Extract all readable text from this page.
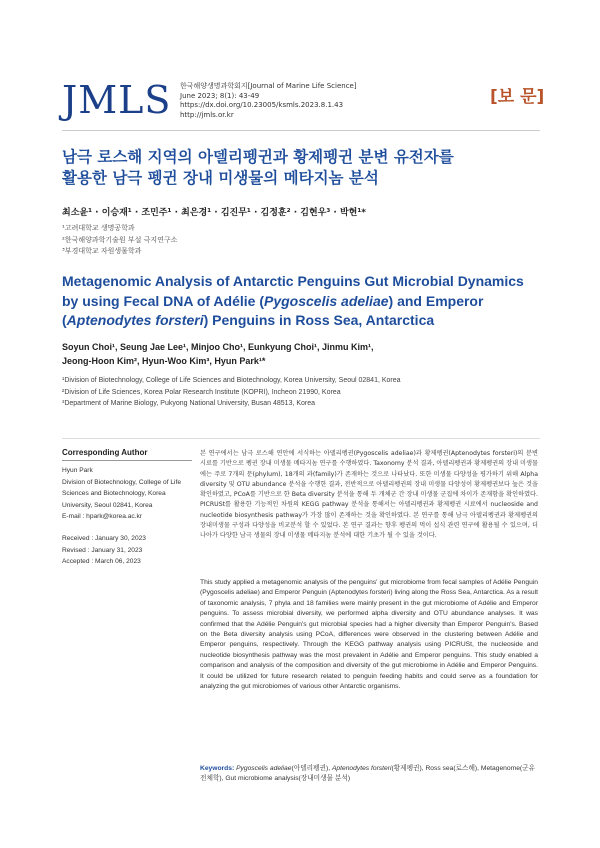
JMLS 한국해양생명과학회지[Journal of Marine Life Science]
June 2023; 8(1): 43-49
https://dx.doi.org/10.23005/ksmls.2023.8.1.43
http://jmls.or.kr
[보 문]
남극 로스해 지역의 아델리펭귄과 황제펭귄 분변 유전자를
활용한 남극 펭귄 장내 미생물의 메타지놈 분석
최소윤¹ · 이승재¹ · 조민주¹ · 최은경¹ · 김진무¹ · 김정훈² · 김현우³ · 박현¹*
¹고려대학교 생명공학과
²한국해양과학기술원 부설 극지연구소
³부경대학교 자원생물학과
Metagenomic Analysis of Antarctic Penguins Gut Microbial Dynamics by using Fecal DNA of Adélie (Pygoscelis adeliae) and Emperor (Aptenodytes forsteri) Penguins in Ross Sea, Antarctica
Soyun Choi¹, Seung Jae Lee¹, Minjoo Cho¹, Eunkyung Choi¹, Jinmu Kim¹,
Jeong-Hoon Kim², Hyun-Woo Kim³, Hyun Park¹*
¹Division of Biotechnology, College of Life Sciences and Biotechnology, Korea University, Seoul 02841, Korea
²Division of Life Sciences, Korea Polar Research Institute (KOPRI), Incheon 21990, Korea
³Department of Marine Biology, Pukyong National University, Busan 48513, Korea
Corresponding Author
Hyun Park
Division of Biotechnology, College of Life
Sciences and Biotechnology, Korea
University, Seoul 02841, Korea
E-mail : hpark@korea.ac.kr
Received : January 30, 2023
Revised : January 31, 2023
Accepted : March 06, 2023
본 연구에서는 남극 로스해 연안에 서식하는 아델리펭귄(Pygoscelis adeliae)과 황제펭귄(Aptenodytes forsteri)의 분변 시료를 기반으로 펭귄 장내 미생물 메타지놈 연구를 수행하였다. Taxonomy 분석 결과, 아델리펭귄과 황제펭귄의 장내 미생물에는 주로 7개의 문(phylum), 18개의 과(family)가 존재하는 것으로 나타났다. 또한 미생물 다양성을 평가하기 위해 Alpha diversity 및 OTU abundance 분석을 수행한 결과, 전반적으로 아델리펭귄의 장내 미생물 다양성이 황제펭귄보다 높은 것을 확인하였고, PCoA를 기반으로 한 Beta diversity 분석을 통해 두 개체군 간 장내 미생물 군집에 차이가 존재함을 확인하였다. PICRUSt를 활용한 기능적인 차원의 KEGG pathway 분석을 통해서는 아델리펭귄과 황제펭귄 시료에서 nucleoside and nucleotide biosynthesis pathway가 가장 많이 존재하는 것을 확인하였다. 본 연구를 통해 남극 아델리펭귄과 황제펭귄의 장내미생물 구성과 다양성을 비교분석 할 수 있었다. 본 연구 결과는 향후 펭귄의 먹이 섭식 관련 연구에 활용될 수 있으며, 더 나아가 다양한 남극 생물의 장내 미생물 메타지놈 분석에 대한 기초가 될 수 있을 것이다.
This study applied a metagenomic analysis of the penguins' gut microbiome from fecal samples of Adélie Penguin (Pygoscelis adeliae) and Emperor Penguin (Aptenodytes forsteri) living along the Ross Sea, Antarctica. As a result of taxonomic analysis, 7 phyla and 18 families were mainly present in the gut microbiome of Adélie and Emperor penguins. To assess microbial diversity, we performed alpha diversity and OTU abundance analyses. It was confirmed that the Adélie Penguin's gut microbial species had a higher diversity than Emperor Penguin's. Based on the Beta diversity analysis using PCoA, differences were observed in the clustering between Adélie and Emperor penguins, respectively. Through the KEGG pathway analysis using PICRUSt, the nucleoside and nucleotide biosynthesis pathway was the most prevalent in Adélie and Emperor penguins. This study enabled a comparison and analysis of the composition and diversity of the gut microbiome in Adélie and Emperor Penguins. It could be utilized for future research related to penguin feeding habits and could serve as a foundation for analyzing the gut microbiomes of various other Antarctic organisms.
Keywords: Pygoscelis adeliae(아델리펭귄), Aptenodytes forsteri(황제펭귄), Ross sea(로스해), Metagenome(군유전체학), Gut microbiome analysis(장내미생물 분석)
